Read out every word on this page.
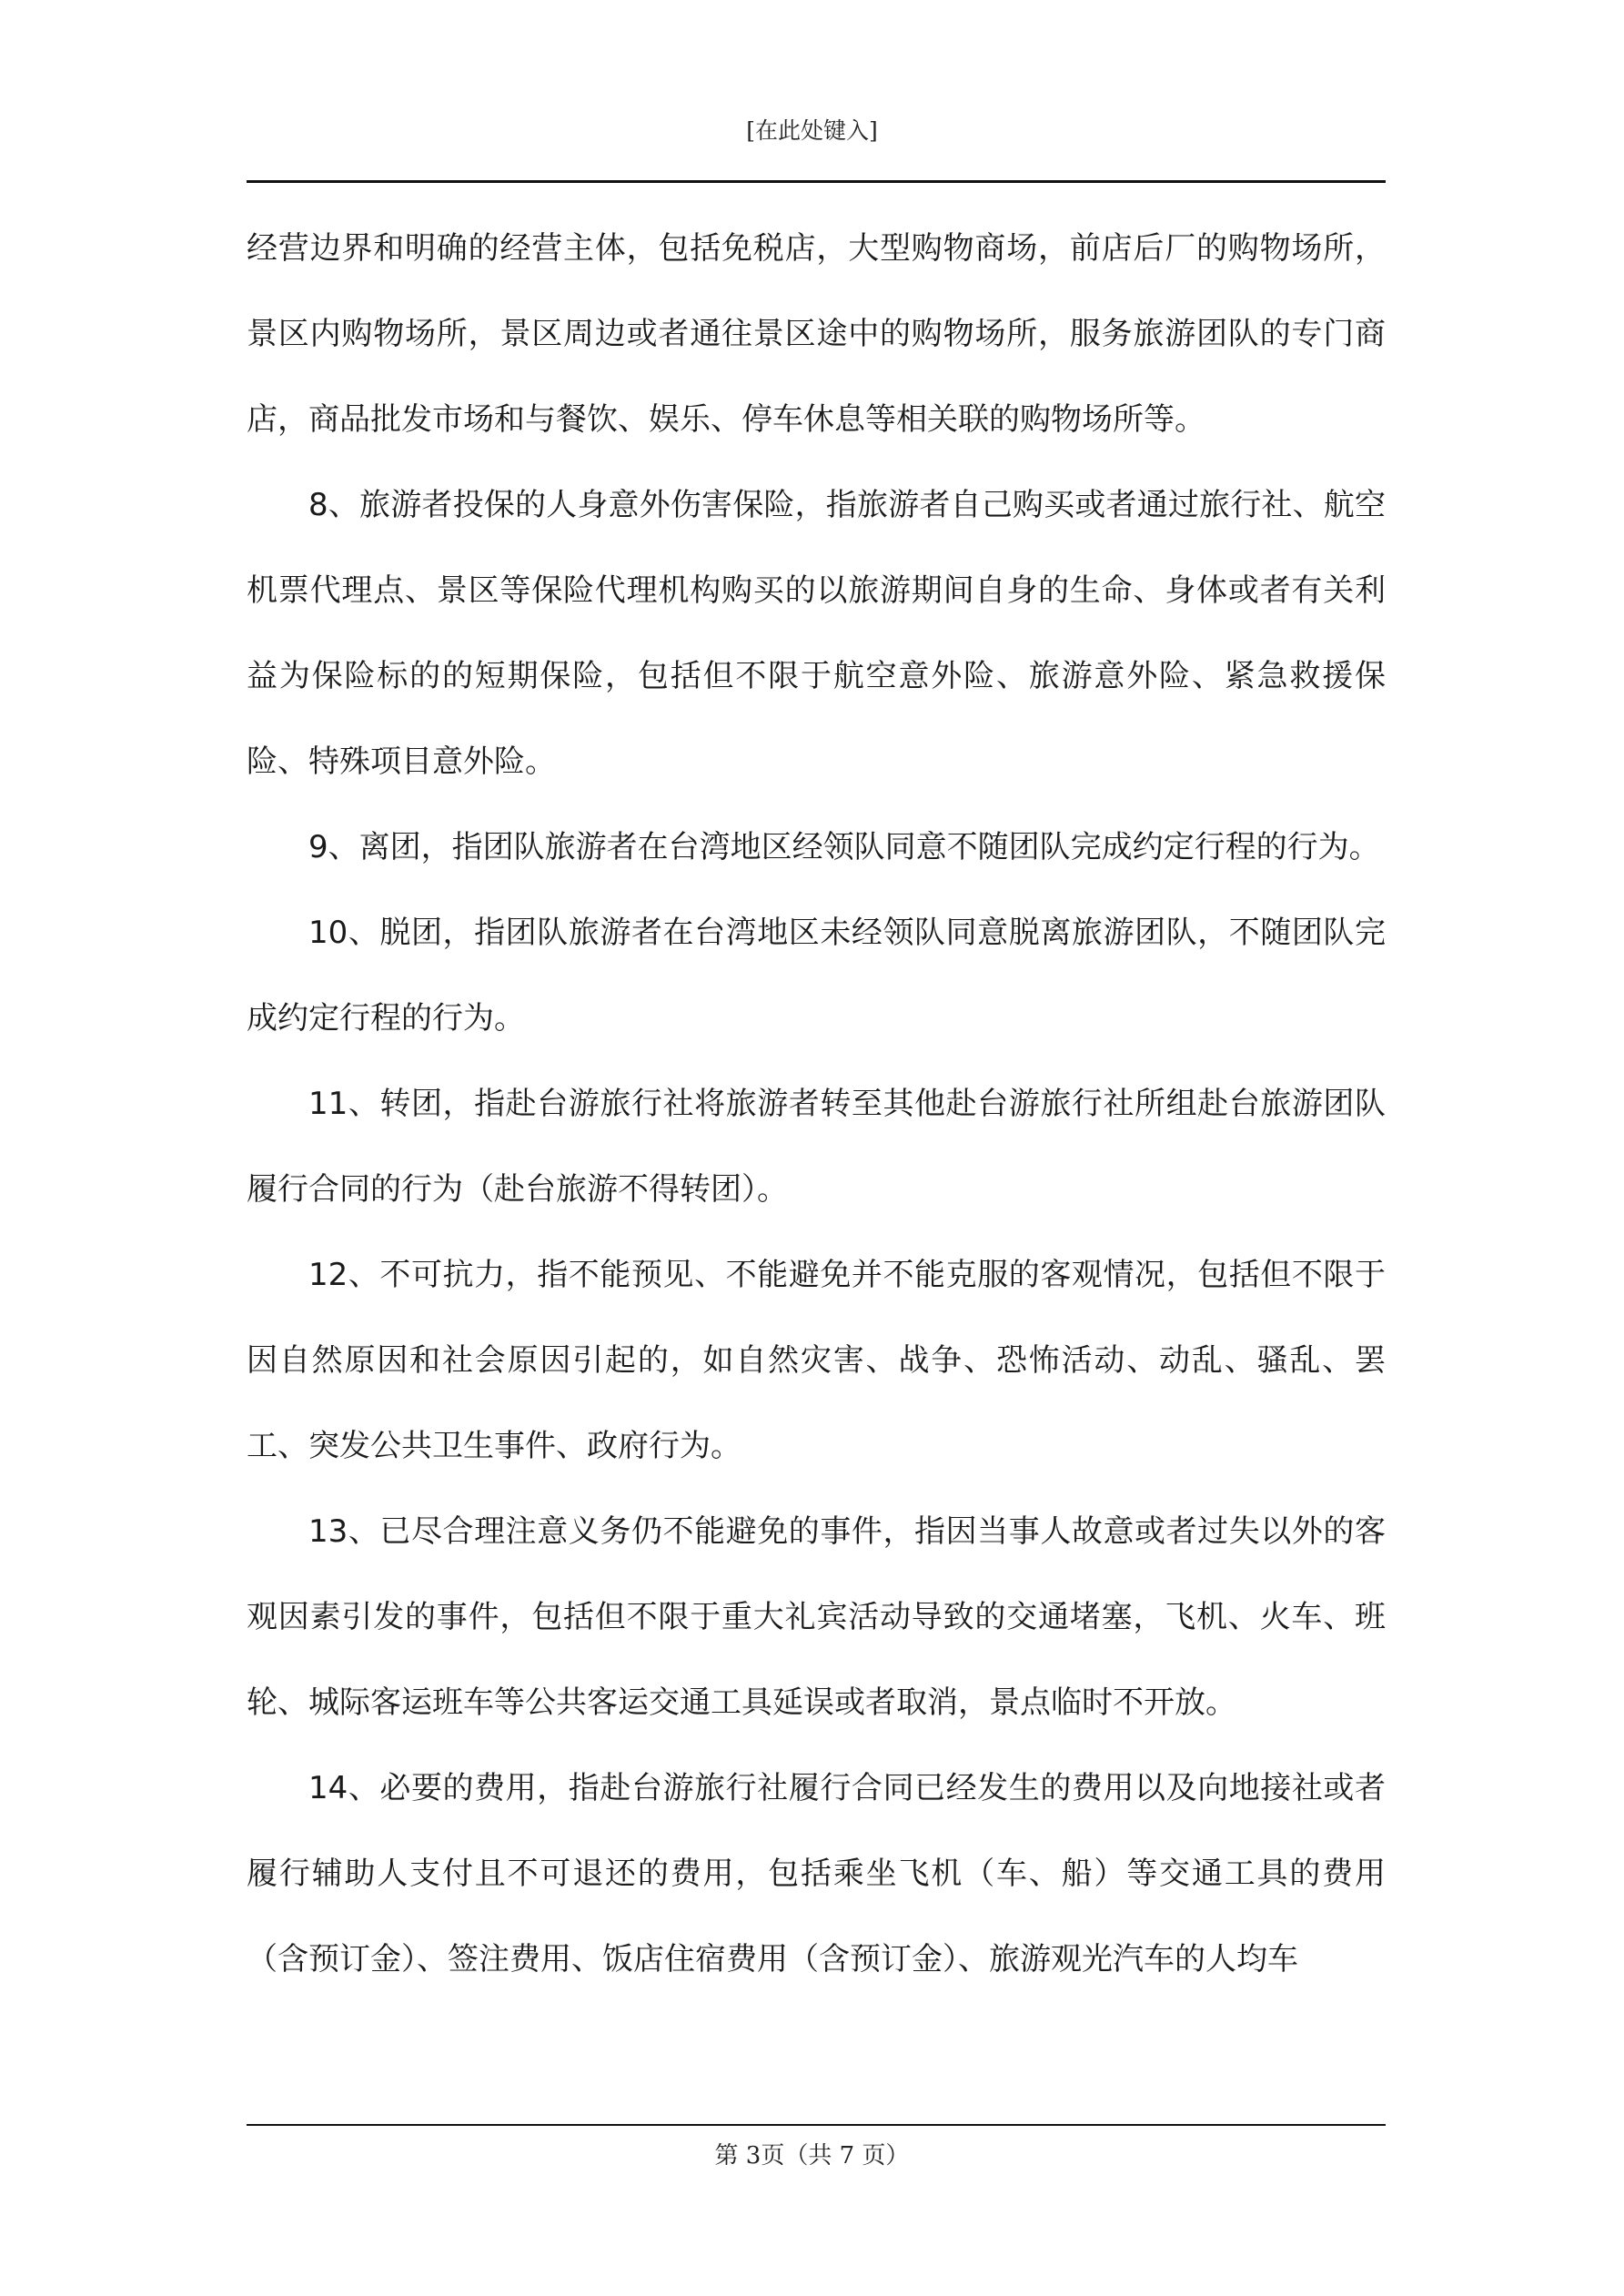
[在此处键入]

经营边界和明确的经营主体，包括免税店，大型购物商场，前店后厂的购物场所，景区内购物场所，景区周边或者通往景区途中的购物场所，服务旅游团队的专门商店，商品批发市场和与餐饮、娱乐、停车休息等相关联的购物场所等。

8、旅游者投保的人身意外伤害保险，指旅游者自己购买或者通过旅行社、航空机票代理点、景区等保险代理机构购买的以旅游期间自身的生命、身体或者有关利益为保险标的的短期保险，包括但不限于航空意外险、旅游意外险、紧急救援保险、特殊项目意外险。

9、离团，指团队旅游者在台湾地区经领队同意不随团队完成约定行程的行为。

10、脱团，指团队旅游者在台湾地区未经领队同意脱离旅游团队，不随团队完成约定行程的行为。

11、转团，指赴台游旅行社将旅游者转至其他赴台游旅行社所组赴台旅游团队履行合同的行为（赴台旅游不得转团）。

12、不可抗力，指不能预见、不能避免并不能克服的客观情况，包括但不限于因自然原因和社会原因引起的，如自然灾害、战争、恐怖活动、动乱、骚乱、罢工、突发公共卫生事件、政府行为。

13、已尽合理注意义务仍不能避免的事件，指因当事人故意或者过失以外的客观因素引发的事件，包括但不限于重大礼宾活动导致的交通堵塞，飞机、火车、班轮、城际客运班车等公共客运交通工具延误或者取消，景点临时不开放。

14、必要的费用，指赴台游旅行社履行合同已经发生的费用以及向地接社或者履行辅助人支付且不可退还的费用，包括乘坐飞机（车、船）等交通工具的费用（含预订金）、签注费用、饭店住宿费用（含预订金）、旅游观光汽车的人均车

第 3页（共 7 页）
